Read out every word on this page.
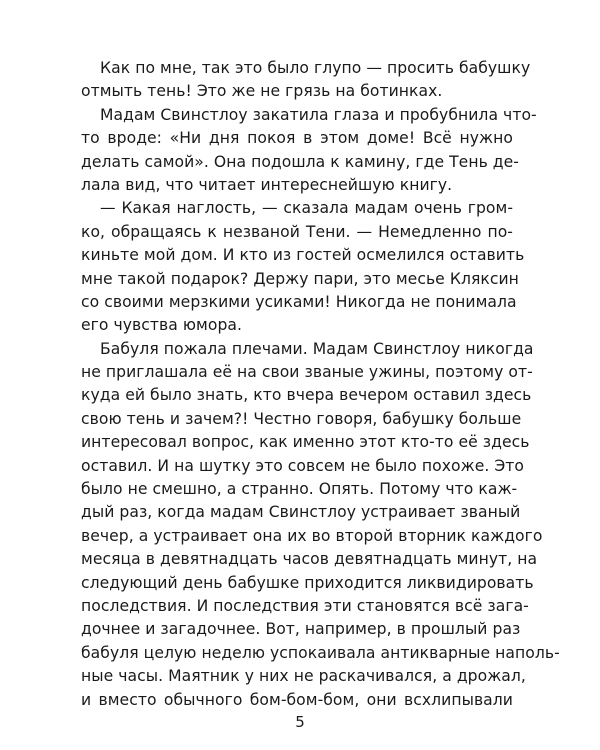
Как по мне, так это было глупо — просить бабушку
отмыть тень! Это же не грязь на ботинках.
Мадам Свинстлоу закатила глаза и пробубнила что-
то вроде: «Ни дня покоя в этом доме! Всё нужно
делать самой». Она подошла к камину, где Тень де-
лала вид, что читает интереснейшую книгу.
— Какая наглость, — сказала мадам очень гром-
ко, обращаясь к незваной Тени. — Немедленно по-
киньте мой дом. И кто из гостей осмелился оставить
мне такой подарок? Держу пари, это месье Кляксин
со своими мерзкими усиками! Никогда не понимала
его чувства юмора.
Бабуля пожала плечами. Мадам Свинстлоу никогда
не приглашала её на свои званые ужины, поэтому от-
куда ей было знать, кто вчера вечером оставил здесь
свою тень и зачем?! Честно говоря, бабушку больше
интересовал вопрос, как именно этот кто-то её здесь
оставил. И на шутку это совсем не было похоже. Это
было не смешно, а странно. Опять. Потому что каж-
дый раз, когда мадам Свинстлоу устраивает званый
вечер, а устраивает она их во второй вторник каждого
месяца в девятнадцать часов девятнадцать минут, на
следующий день бабушке приходится ликвидировать
последствия. И последствия эти становятся всё зага-
дочнее и загадочнее. Вот, например, в прошлый раз
бабуля целую неделю успокаивала антикварные наполь-
ные часы. Маятник у них не раскачивался, а дрожал,
и вместо обычного бом-бом-бом, они всхлипывали
5
